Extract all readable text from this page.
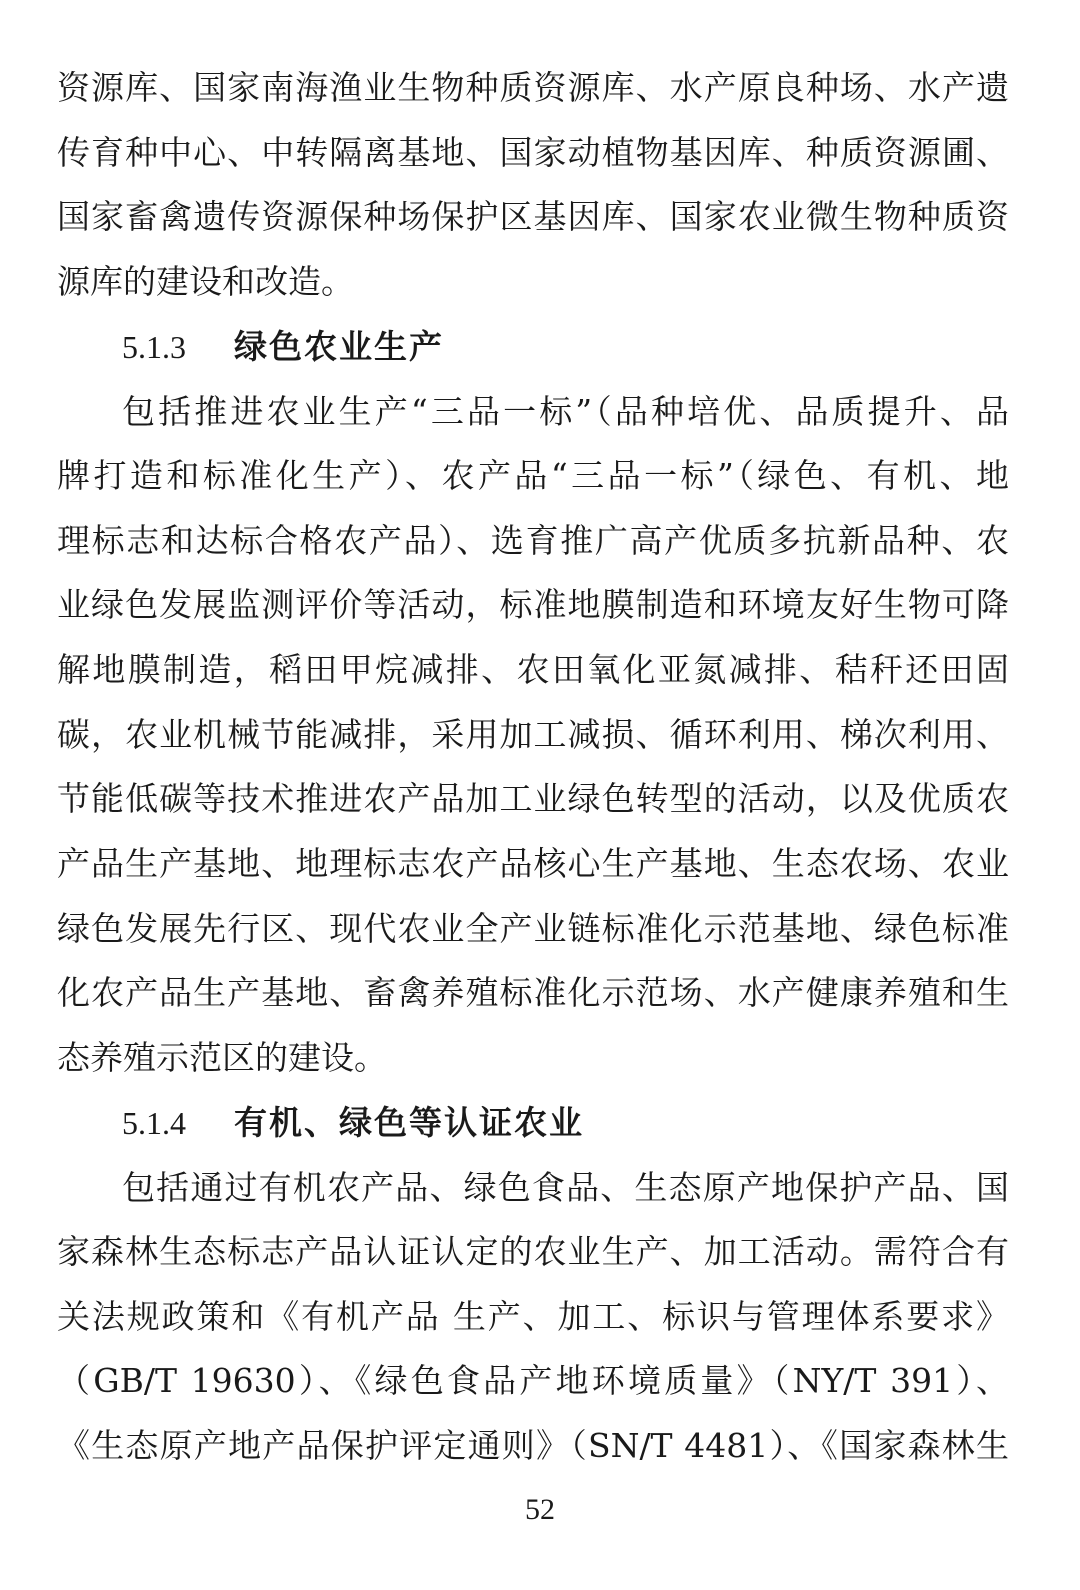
资源库、国家南海渔业生物种质资源库、水产原良种场、水产遗
传育种中心、中转隔离基地、国家动植物基因库、种质资源圃、
国家畜禽遗传资源保种场保护区基因库、国家农业微生物种质资
源库的建设和改造。
5.1.3 绿色农业生产
包括推进农业生产“三品一标”（品种培优、品质提升、品
牌打造和标准化生产）、农产品“三品一标”（绿色、有机、地
理标志和达标合格农产品）、选育推广高产优质多抗新品种、农
业绿色发展监测评价等活动，标准地膜制造和环境友好生物可降
解地膜制造，稻田甲烷减排、农田氧化亚氮减排、秸秆还田固
碳，农业机械节能减排，采用加工减损、循环利用、梯次利用、
节能低碳等技术推进农产品加工业绿色转型的活动，以及优质农
产品生产基地、地理标志农产品核心生产基地、生态农场、农业
绿色发展先行区、现代农业全产业链标准化示范基地、绿色标准
化农产品生产基地、畜禽养殖标准化示范场、水产健康养殖和生
态养殖示范区的建设。
5.1.4 有机、绿色等认证农业
包括通过有机农产品、绿色食品、生态原产地保护产品、国
家森林生态标志产品认证认定的农业生产、加工活动。需符合有
关法规政策和《有机产品 生产、加工、标识与管理体系要求》
（GB/T 19630）、《绿色食品产地环境质量》（NY/T 391）、
《生态原产地产品保护评定通则》（SN/T 4481）、《国家森林生
52
